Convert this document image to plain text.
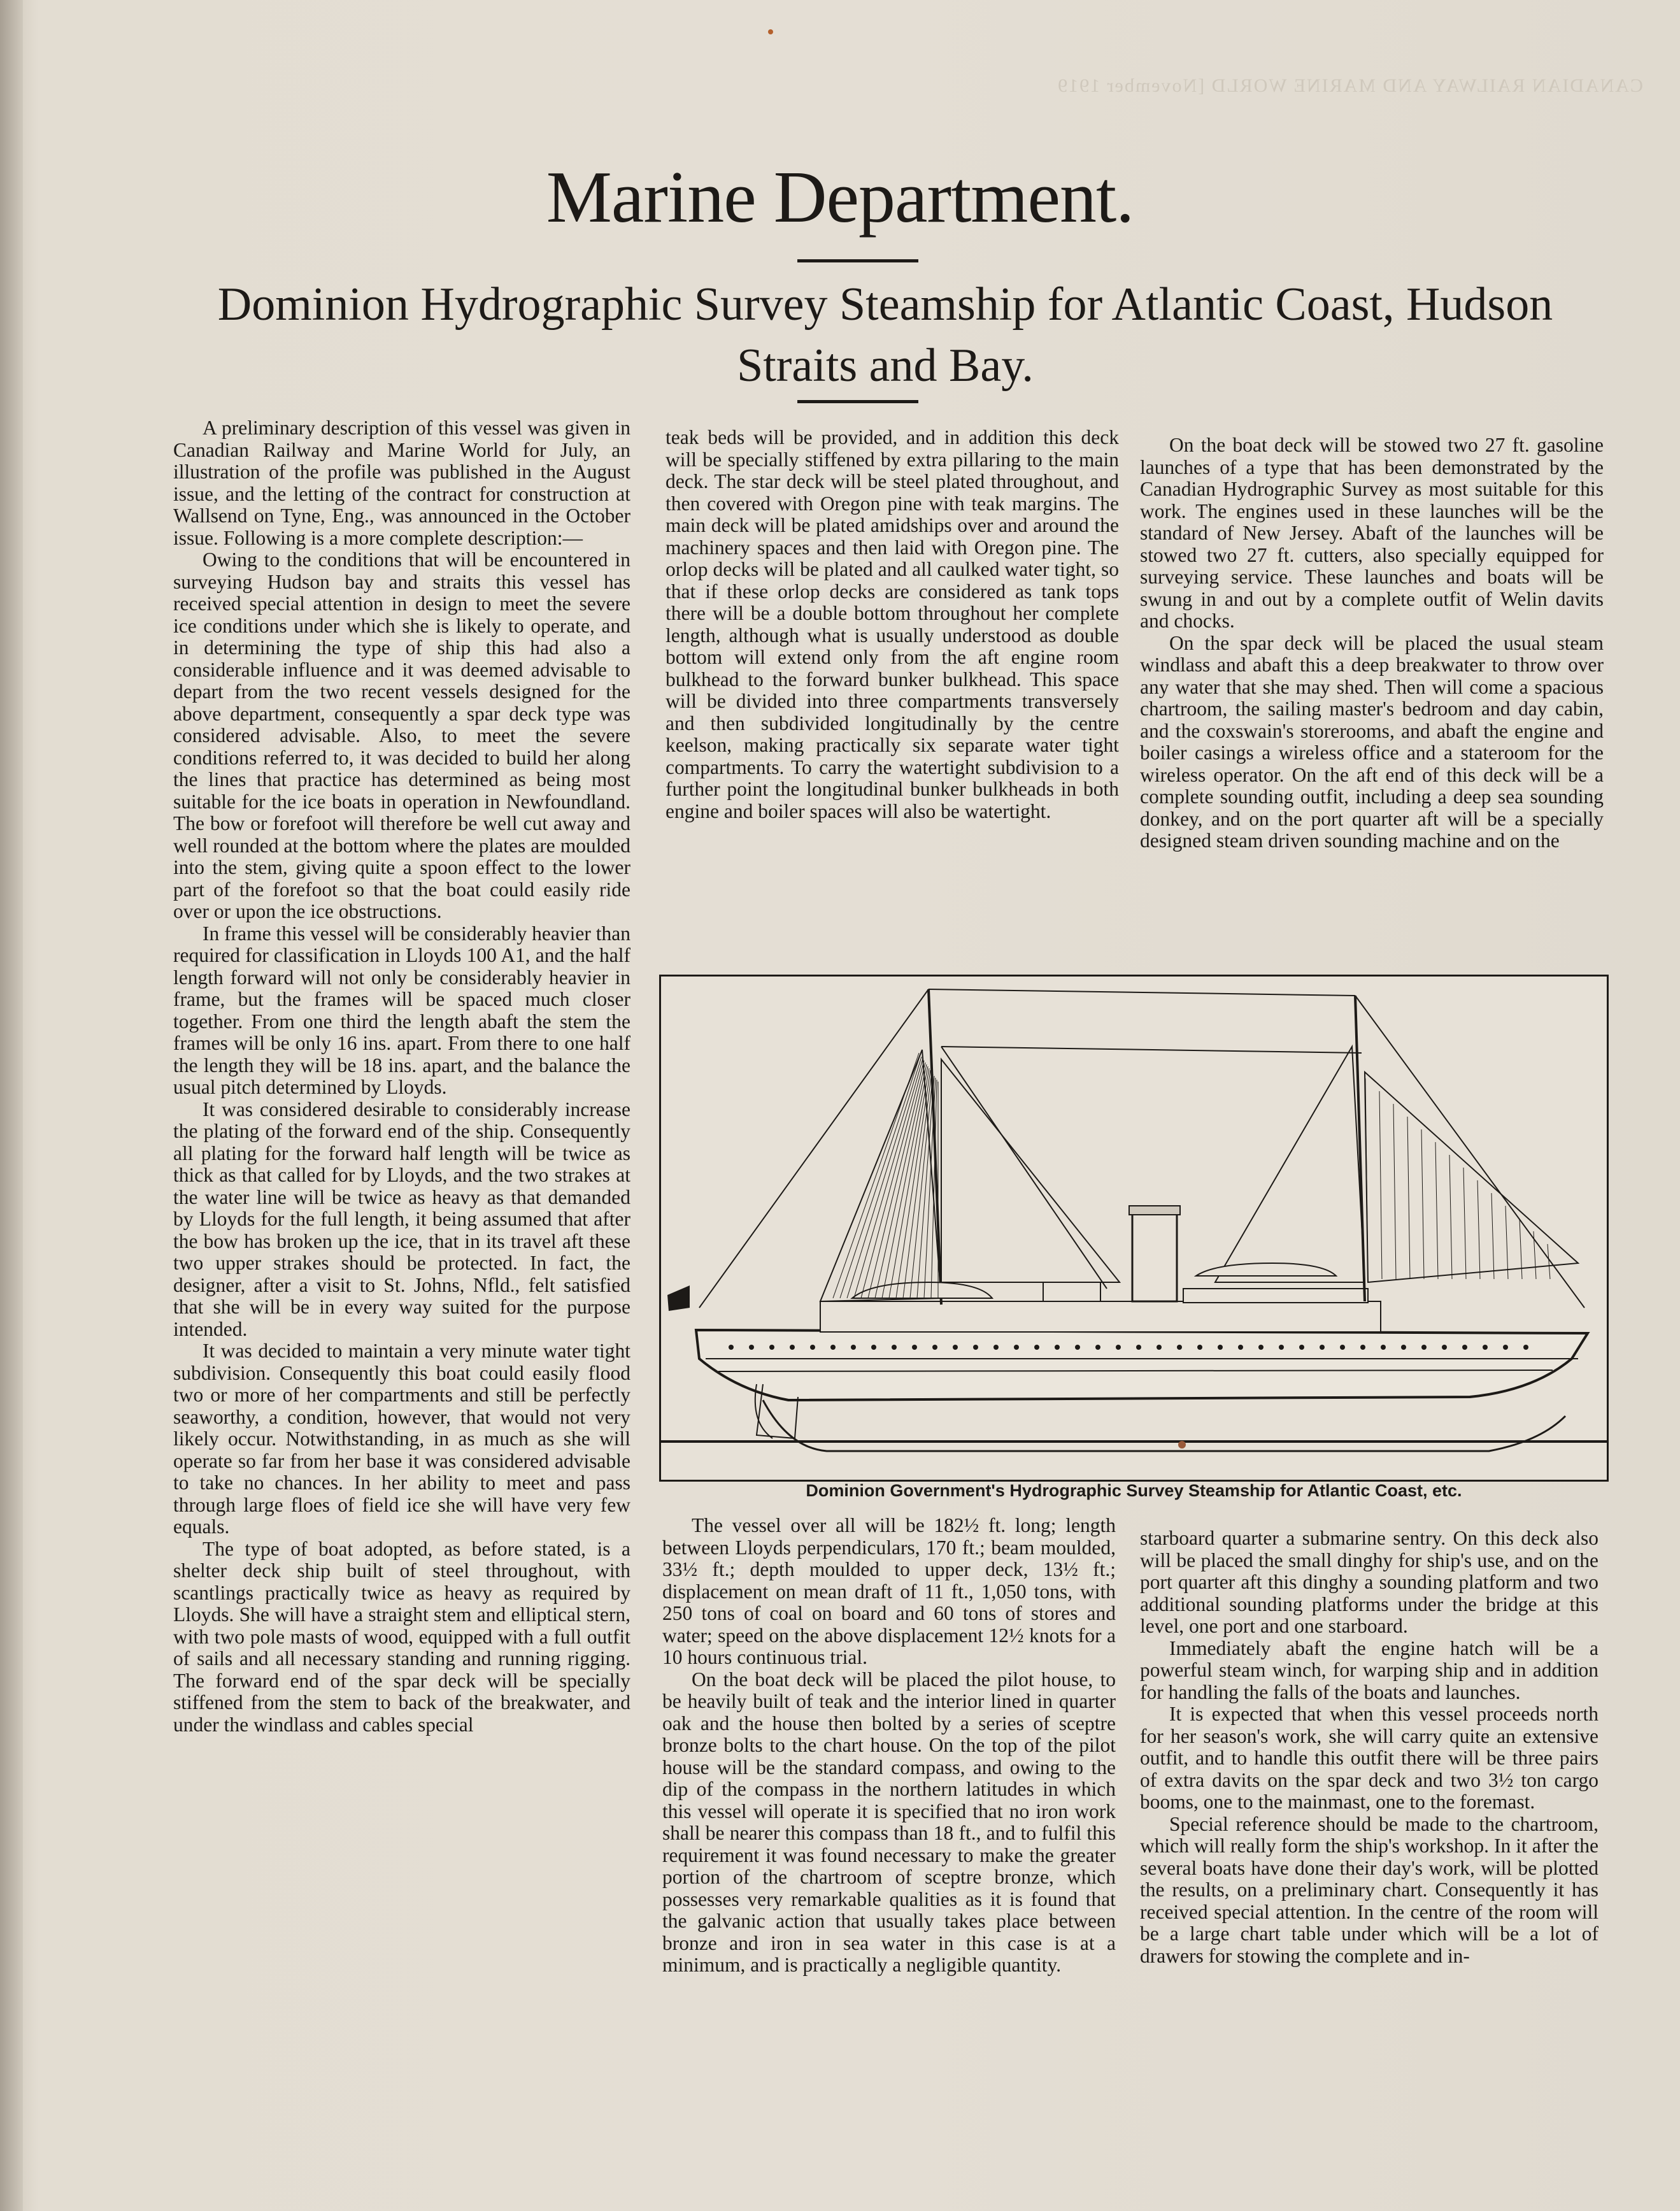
CANADIAN RAILWAY AND MARINE WORLD [November 1919
Marine Department.
Dominion Hydrographic Survey Steamship for Atlantic Coast, Hudson Straits and Bay.

A preliminary description of this vessel was given in Canadian Railway and Marine World for July, an illustration of the profile was published in the August issue, and the letting of the contract for construction at Wallsend on Tyne, Eng., was announced in the October issue. Following is a more complete description:—

Owing to the conditions that will be encountered in surveying Hudson bay and straits this vessel has received special attention in design to meet the severe ice conditions under which she is likely to operate, and in determining the type of ship this had also a considerable influence and it was deemed advisable to depart from the two recent vessels designed for the above department, consequently a spar deck type was considered advisable. Also, to meet the severe conditions referred to, it was decided to build her along the lines that practice has determined as being most suitable for the ice boats in operation in Newfoundland. The bow or forefoot will therefore be well cut away and well rounded at the bottom where the plates are moulded into the stem, giving quite a spoon effect to the lower part of the forefoot so that the boat could easily ride over or upon the ice obstructions.

In frame this vessel will be considerably heavier than required for classification in Lloyds 100 A1, and the half length forward will not only be considerably heavier in frame, but the frames will be spaced much closer together. From one third the length abaft the stem the frames will be only 16 ins. apart. From there to one half the length they will be 18 ins. apart, and the balance the usual pitch determined by Lloyds.

It was considered desirable to considerably increase the plating of the forward end of the ship. Consequently all plating for the forward half length will be twice as thick as that called for by Lloyds, and the two strakes at the water line will be twice as heavy as that demanded by Lloyds for the full length, it being assumed that after the bow has broken up the ice, that in its travel aft these two upper strakes should be protected. In fact, the designer, after a visit to St. Johns, Nfld., felt satisfied that she will be in every way suited for the purpose intended.

It was decided to maintain a very minute water tight subdivision. Consequently this boat could easily flood two or more of her compartments and still be perfectly seaworthy, a condition, however, that would not very likely occur. Notwithstanding, in as much as she will operate so far from her base it was considered advisable to take no chances. In her ability to meet and pass through large floes of field ice she will have very few equals.

The type of boat adopted, as before stated, is a shelter deck ship built of steel throughout, with scantlings practically twice as heavy as required by Lloyds. She will have a straight stem and elliptical stern, with two pole masts of wood, equipped with a full outfit of sails and all necessary standing and running rigging. The forward end of the spar deck will be specially stiffened from the stem to back of the breakwater, and under the windlass and cables special

teak beds will be provided, and in addition this deck will be specially stiffened by extra pillaring to the main deck. The star deck will be steel plated throughout, and then covered with Oregon pine with teak margins. The main deck will be plated amidships over and around the machinery spaces and then laid with Oregon pine. The orlop decks will be plated and all caulked water tight, so that if these orlop decks are considered as tank tops there will be a double bottom throughout her complete length, although what is usually understood as double bottom will extend only from the aft engine room bulkhead to the forward bunker bulkhead. This space will be divided into three compartments transversely and then subdivided longitudinally by the centre keelson, making practically six separate water tight compartments. To carry the watertight subdivision to a further point the longitudinal bunker bulkheads in both engine and boiler spaces will also be watertight.

On the boat deck will be stowed two 27 ft. gasoline launches of a type that has been demonstrated by the Canadian Hydrographic Survey as most suitable for this work. The engines used in these launches will be the standard of New Jersey. Abaft of the launches will be stowed two 27 ft. cutters, also specially equipped for surveying service. These launches and boats will be swung in and out by a complete outfit of Welin davits and chocks.

On the spar deck will be placed the usual steam windlass and abaft this a deep breakwater to throw over any water that she may shed. Then will come a spacious chartroom, the sailing master's bedroom and day cabin, and the coxswain's storerooms, and abaft the engine and boiler casings a wireless office and a stateroom for the wireless operator. On the aft end of this deck will be a complete sounding outfit, including a deep sea sounding donkey, and on the port quarter aft will be a specially designed steam driven sounding machine and on the

Dominion Government's Hydrographic Survey Steamship for Atlantic Coast, etc.

The vessel over all will be 182½ ft. long; length between Lloyds perpendiculars, 170 ft.; beam moulded, 33½ ft.; depth moulded to upper deck, 13½ ft.; displacement on mean draft of 11 ft., 1,050 tons, with 250 tons of coal on board and 60 tons of stores and water; speed on the above displacement 12½ knots for a 10 hours continuous trial.

On the boat deck will be placed the pilot house, to be heavily built of teak and the interior lined in quarter oak and the house then bolted by a series of sceptre bronze bolts to the chart house. On the top of the pilot house will be the standard compass, and owing to the dip of the compass in the northern latitudes in which this vessel will operate it is specified that no iron work shall be nearer this compass than 18 ft., and to fulfil this requirement it was found necessary to make the greater portion of the chartroom of sceptre bronze, which possesses very remarkable qualities as it is found that the galvanic action that usually takes place between bronze and iron in sea water in this case is at a minimum, and is practically a negligible quantity.

starboard quarter a submarine sentry. On this deck also will be placed the small dinghy for ship's use, and on the port quarter aft this dinghy a sounding platform and two additional sounding platforms under the bridge at this level, one port and one starboard.

Immediately abaft the engine hatch will be a powerful steam winch, for warping ship and in addition for handling the falls of the boats and launches.

It is expected that when this vessel proceeds north for her season's work, she will carry quite an extensive outfit, and to handle this outfit there will be three pairs of extra davits on the spar deck and two 3½ ton cargo booms, one to the mainmast, one to the foremast.

Special reference should be made to the chartroom, which will really form the ship's workshop. In it after the several boats have done their day's work, will be plotted the results, on a preliminary chart. Consequently it has received special attention. In the centre of the room will be a large chart table under which will be a lot of drawers for stowing the complete and in-
